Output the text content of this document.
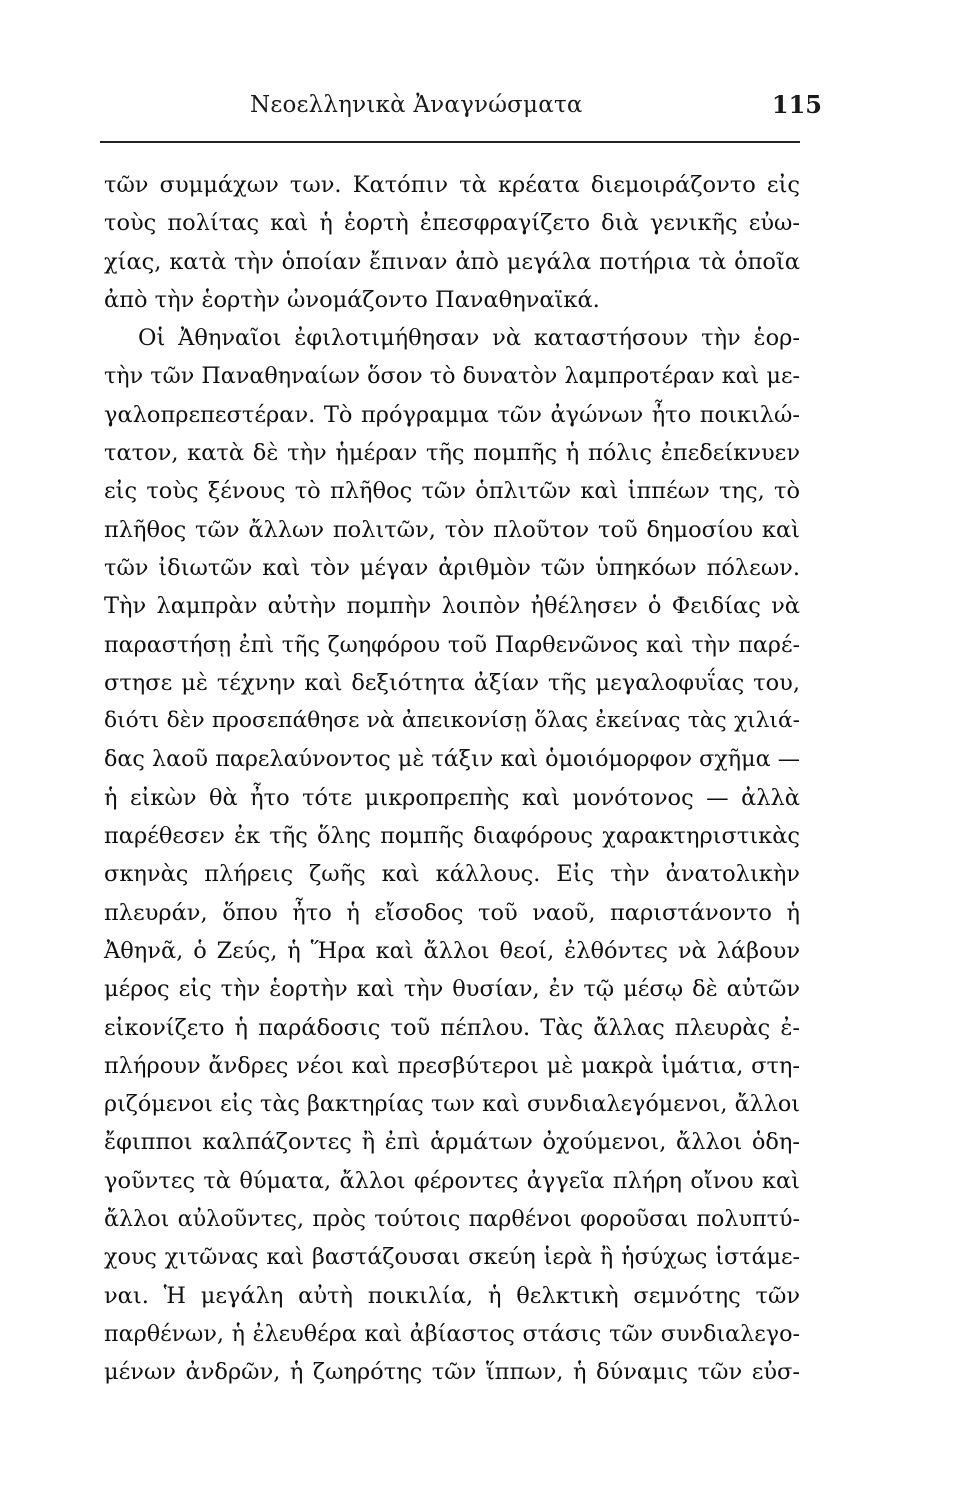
Νεοελληνικὰ Ἀναγνώσματα	115
τῶν συμμάχων των. Κατόπιν τὰ κρέατα διεμοιράζοντο εἰς
τοὺς πολίτας καὶ ἡ ἑορτὴ ἐπεσφραγίζετο διὰ γενικῆς εὐω-
χίας, κατὰ τὴν ὁποίαν ἔπιναν ἀπὸ μεγάλα ποτήρια τὰ ὁποῖα
ἀπὸ τὴν ἑορτὴν ὠνομάζοντο Παναθηναϊκά.
Οἱ Ἀθηναῖοι ἐφιλοτιμήθησαν νὰ καταστήσουν τὴν ἑορ-
τὴν τῶν Παναθηναίων ὅσον τὸ δυνατὸν λαμπροτέραν καὶ με-
γαλοπρεπεστέραν. Τὸ πρόγραμμα τῶν ἀγώνων ἦτο ποικιλώ-
τατον, κατὰ δὲ τὴν ἡμέραν τῆς πομπῆς ἡ πόλις ἐπεδείκνυεν
εἰς τοὺς ξένους τὸ πλῆθος τῶν ὁπλιτῶν καὶ ἱππέων της, τὸ
πλῆθος τῶν ἄλλων πολιτῶν, τὸν πλοῦτον τοῦ δημοσίου καὶ
τῶν ἰδιωτῶν καὶ τὸν μέγαν ἀριθμὸν τῶν ὑπηκόων πόλεων.
Τὴν λαμπρὰν αὐτὴν πομπὴν λοιπὸν ἠθέλησεν ὁ Φειδίας νὰ
παραστήσῃ ἐπὶ τῆς ζωηφόρου τοῦ Παρθενῶνος καὶ τὴν παρέ-
στησε μὲ τέχνην καὶ δεξιότητα ἀξίαν τῆς μεγαλοφυΐας του,
διότι δὲν προσεπάθησε νὰ ἀπεικονίσῃ ὅλας ἐκείνας τὰς χιλιά-
δας λαοῦ παρελαύνοντος μὲ τάξιν καὶ ὁμοιόμορφον σχῆμα —
ἡ εἰκὼν θὰ ἦτο τότε μικροπρεπὴς καὶ μονότονος — ἀλλὰ
παρέθεσεν ἐκ τῆς ὅλης πομπῆς διαφόρους χαρακτηριστικὰς
σκηνὰς πλήρεις ζωῆς καὶ κάλλους. Εἰς τὴν ἀνατολικὴν
πλευράν, ὅπου ἦτο ἡ εἴσοδος τοῦ ναοῦ, παριστάνοντο ἡ
Ἀθηνᾶ, ὁ Ζεύς, ἡ Ἥρα καὶ ἄλλοι θεοί, ἐλθόντες νὰ λάβουν
μέρος εἰς τὴν ἑορτὴν καὶ τὴν θυσίαν, ἐν τῷ μέσῳ δὲ αὐτῶν
εἰκονίζετο ἡ παράδοσις τοῦ πέπλου. Τὰς ἄλλας πλευρὰς ἐ-
πλήρουν ἄνδρες νέοι καὶ πρεσβύτεροι μὲ μακρὰ ἱμάτια, στη-
ριζόμενοι εἰς τὰς βακτηρίας των καὶ συνδιαλεγόμενοι, ἄλλοι
ἔφιπποι καλπάζοντες ἢ ἐπὶ ἁρμάτων ὀχούμενοι, ἄλλοι ὁδη-
γοῦντες τὰ θύματα, ἄλλοι φέροντες ἀγγεῖα πλήρη οἴνου καὶ
ἄλλοι αὐλοῦντες, πρὸς τούτοις παρθένοι φοροῦσαι πολυπτύ-
χους χιτῶνας καὶ βαστάζουσαι σκεύη ἱερὰ ἢ ἡσύχως ἱστάμε-
ναι. Ἡ μεγάλη αὐτὴ ποικιλία, ἡ θελκτικὴ σεμνότης τῶν
παρθένων, ἡ ἐλευθέρα καὶ ἀβίαστος στάσις τῶν συνδιαλεγο-
μένων ἀνδρῶν, ἡ ζωηρότης τῶν ἵππων, ἡ δύναμις τῶν εὐσ-
